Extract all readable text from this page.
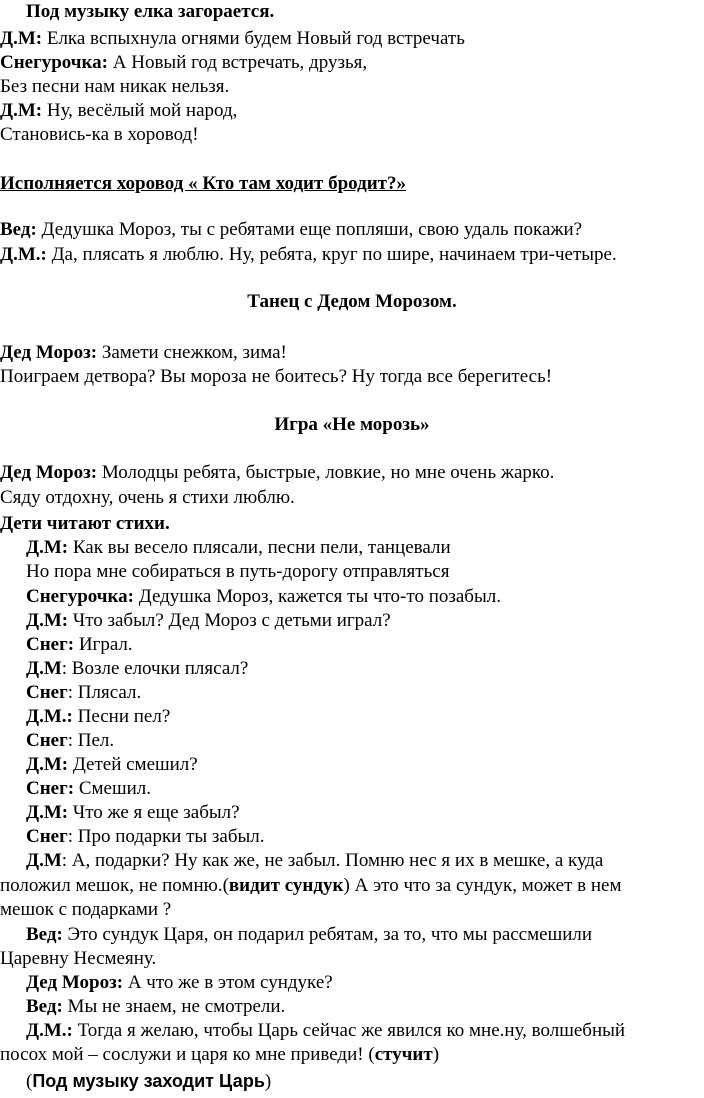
Под музыку елка загорается.
Д.М: Елка вспыхнула огнями будем Новый год встречать
Снегурочка: А Новый год встречать, друзья,
Без песни нам никак нельзя.
Д.М: Ну, весёлый мой народ,
Становись-ка в хоровод!
Исполняется хоровод « Кто там ходит бродит?»
Вед: Дедушка Мороз, ты с ребятами еще попляши, свою удаль покажи?
Д.М.: Да, плясать я люблю. Ну, ребята, круг по шире, начинаем три-четыре.
Танец с Дедом Морозом.
Дед Мороз: Замети снежком, зима!
Поиграем детвора? Вы мороза не боитесь? Ну тогда все берегитесь!
Игра «Не морозь»
Дед Мороз: Молодцы ребята, быстрые, ловкие, но мне очень жарко.
Сяду отдохну, очень я стихи люблю.
Дети читают стихи.
Д.М: Как вы весело плясали, песни пели, танцевали
Но пора мне собираться в путь-дорогу отправляться
Снегурочка: Дедушка Мороз, кажется ты что-то позабыл.
Д.М: Что забыл? Дед Мороз с детьми играл?
Снег: Играл.
Д.М: Возле елочки плясал?
Снег: Плясал.
Д.М.: Песни пел?
Снег: Пел.
Д.М: Детей смешил?
Снег: Смешил.
Д.М: Что же я еще забыл?
Снег: Про подарки ты забыл.
Д.М: А, подарки? Ну как же, не забыл. Помню нес я их в мешке, а куда
положил мешок, не помню.(видит сундук) А это что за сундук, может в нем
мешок с подарками ?
Вед: Это сундук Царя, он подарил ребятам, за то, что мы рассмешили
Царевну Несмеяну.
Дед Мороз: А что же в этом сундуке?
Вед: Мы не знаем, не смотрели.
Д.М.: Тогда я желаю, чтобы Царь сейчас же явился ко мне.ну, волшебный
посох мой – сослужи и царя ко мне приведи! (стучит)
(Под музыку заходит Царь)
